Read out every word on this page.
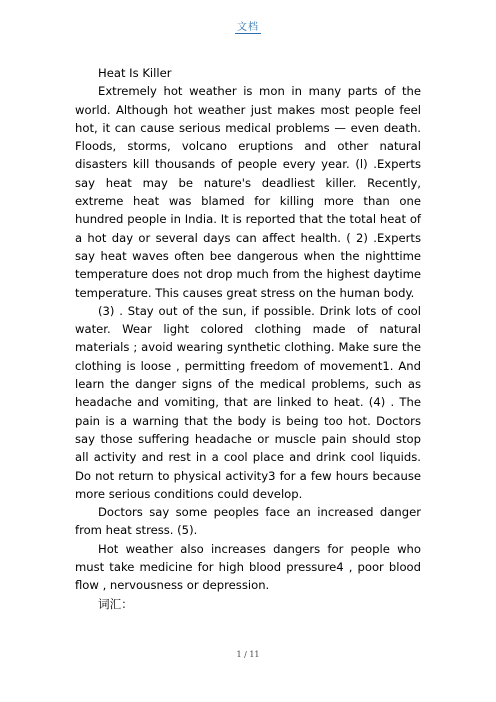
文档

Heat Is Killer

Extremely hot weather is mon in many parts of the world. Although hot weather just makes most people feel hot, it can cause serious medical problems — even death. Floods, storms, volcano eruptions and other natural disasters kill thousands of people every year. (l) .Experts say heat may be nature's deadliest killer. Recently, extreme heat was blamed for killing more than one hundred people in India. It is reported that the total heat of a hot day or several days can affect health. ( 2) .Experts say heat waves often bee dangerous when the nighttime temperature does not drop much from the highest daytime temperature. This causes great stress on the human body.

(3) . Stay out of the sun, if possible. Drink lots of cool water. Wear light colored clothing made of natural materials ; avoid wearing synthetic clothing. Make sure the clothing is loose , permitting freedom of movement1. And learn the danger signs of the medical problems, such as headache and vomiting, that are linked to heat. (4) . The pain is a warning that the body is being too hot. Doctors say those suffering headache or muscle pain should stop all activity and rest in a cool place and drink cool liquids. Do not return to physical activity3 for a few hours because more serious conditions could develop.

Doctors say some peoples face an increased danger from heat stress. (5).

Hot weather also increases dangers for people who must take medicine for high blood pressure4 , poor blood flow , nervousness or depression.

词汇：

1 / 11
